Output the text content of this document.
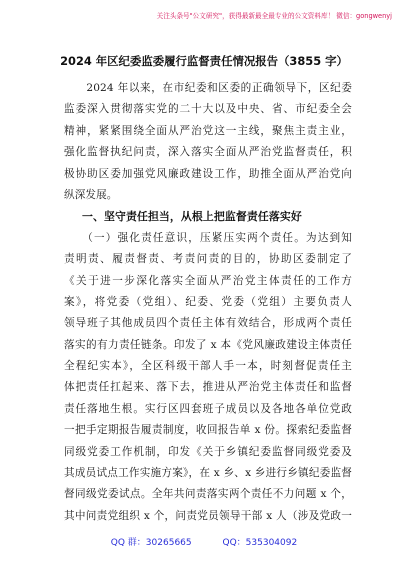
关注头条号"公文研究"，获得最新最全最专业的公文资料库！ 微信：gongwenyj
2024 年区纪委监委履行监督责任情况报告（3855 字）
　　2024 年以来，在市纪委和区委的正确领导下，区纪委
监委深入贯彻落实党的二十大以及中央、省、市纪委全会
精神，紧紧围绕全面从严治党这一主线，聚焦主责主业，
强化监督执纪问责，深入落实全面从严治党监督责任，积
极协助区委加强党风廉政建设工作，助推全面从严治党向
纵深发展。
一、坚守责任担当，从根上把监督责任落实好
　　（一）强化责任意识，压紧压实两个责任。为达到知
责明责、履责督责、考责问责的目的，协助区委制定了
《关于进一步深化落实全面从严治党主体责任的工作方
案》，将党委（党组）、纪委、党委（党组）主要负责人
领导班子其他成员四个责任主体有效结合，形成两个责任
落实的有力责任链条。印发了 x 本《党风廉政建设主体责任
全程纪实本》，全区科级干部人手一本，时刻督促责任主
体把责任扛起来、落下去，推进从严治党主体责任和监督
责任落地生根。实行区四套班子成员以及各地各单位党政
一把手定期报告履责制度，收回报告单 x 份。探索纪委监督
同级党委工作机制，印发《关于乡镇纪委监督同级党委及
其成员试点工作实施方案》，在 x 乡、x 乡进行乡镇纪委监督
督同级党委试点。全年共问责落实两个责任不力问题 x 个，
其中问责党组织 x 个，问责党员领导干部 x 人（涉及党政一
QQ 群：30265665	QQ：535304092
